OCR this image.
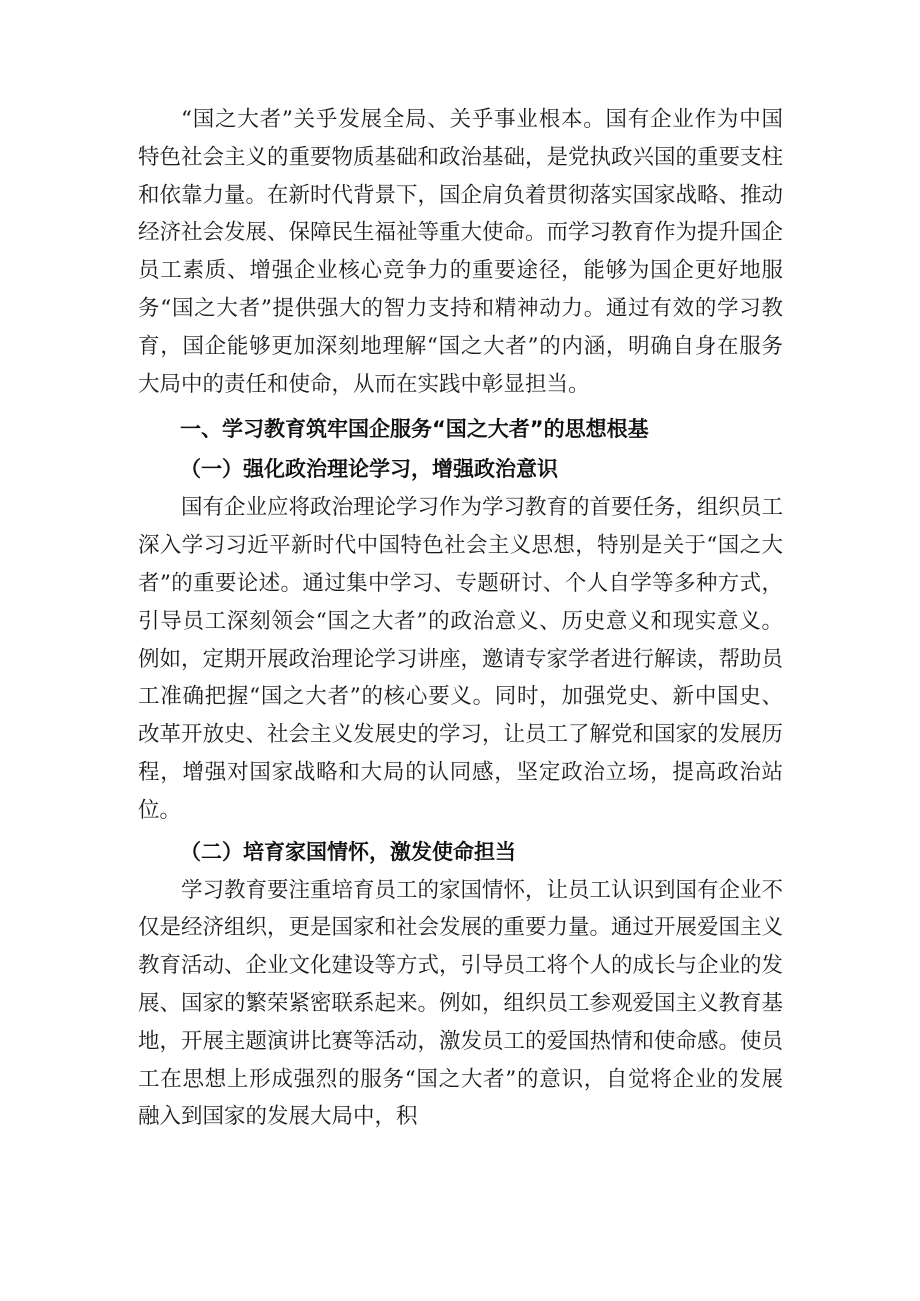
“国之大者”关乎发展全局、关乎事业根本。国有企业作为中国特色社会主义的重要物质基础和政治基础，是党执政兴国的重要支柱和依靠力量。在新时代背景下，国企肩负着贯彻落实国家战略、推动经济社会发展、保障民生福祉等重大使命。而学习教育作为提升国企员工素质、增强企业核心竞争力的重要途径，能够为国企更好地服务“国之大者”提供强大的智力支持和精神动力。通过有效的学习教育，国企能够更加深刻地理解“国之大者”的内涵，明确自身在服务大局中的责任和使命，从而在实践中彰显担当。

一、学习教育筑牢国企服务“国之大者”的思想根基

（一）强化政治理论学习，增强政治意识

国有企业应将政治理论学习作为学习教育的首要任务，组织员工深入学习习近平新时代中国特色社会主义思想，特别是关于“国之大者”的重要论述。通过集中学习、专题研讨、个人自学等多种方式，引导员工深刻领会“国之大者”的政治意义、历史意义和现实意义。例如，定期开展政治理论学习讲座，邀请专家学者进行解读，帮助员工准确把握“国之大者”的核心要义。同时，加强党史、新中国史、改革开放史、社会主义发展史的学习，让员工了解党和国家的发展历程，增强对国家战略和大局的认同感，坚定政治立场，提高政治站位。

（二）培育家国情怀，激发使命担当

学习教育要注重培育员工的家国情怀，让员工认识到国有企业不仅是经济组织，更是国家和社会发展的重要力量。通过开展爱国主义教育活动、企业文化建设等方式，引导员工将个人的成长与企业的发展、国家的繁荣紧密联系起来。例如，组织员工参观爱国主义教育基地，开展主题演讲比赛等活动，激发员工的爱国热情和使命感。使员工在思想上形成强烈的服务“国之大者”的意识，自觉将企业的发展融入到国家的发展大局中，积
